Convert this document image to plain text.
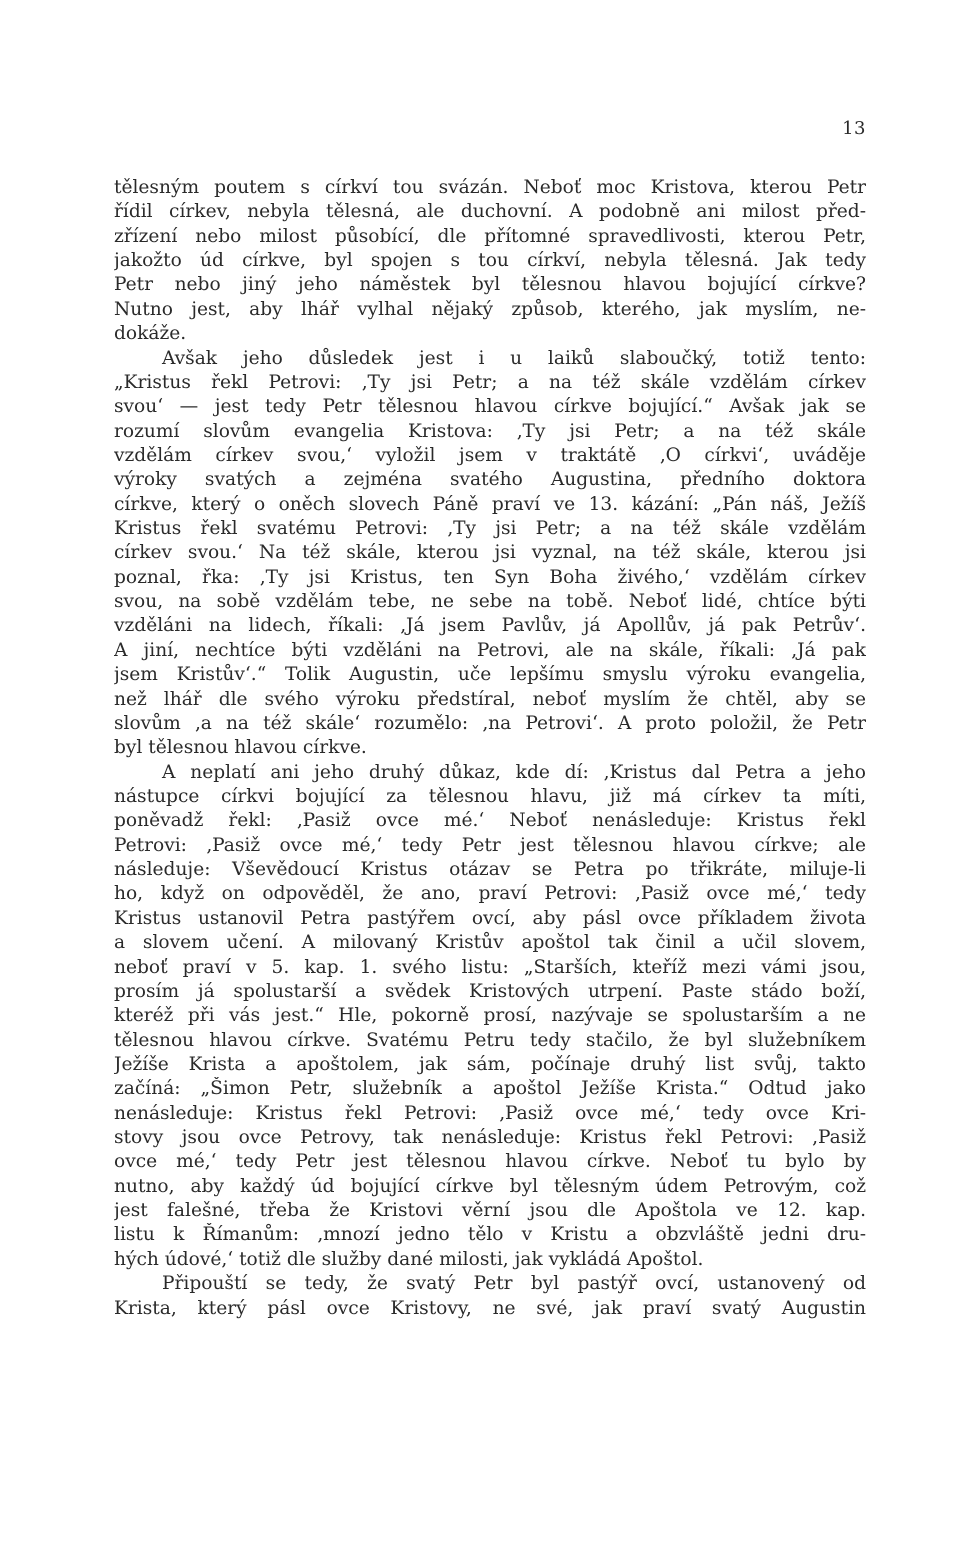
13
tělesným poutem s církví tou svázán. Neboť moc Kristova, kterou Petr
řídil církev, nebyla tělesná, ale duchovní. A podobně ani milost před-
zřízení nebo milost působící, dle přítomné spravedlivosti, kterou Petr,
jakožto úd církve, byl spojen s tou církví, nebyla tělesná. Jak tedy
Petr nebo jiný jeho náměstek byl tělesnou hlavou bojující církve?
Nutno jest, aby lhář vylhal nějaký způsob, kterého, jak myslím, ne-
dokáže.
Avšak jeho důsledek jest i u laiků slaboučký, totiž tento:
„Kristus řekl Petrovi: ‚Ty jsi Petr; a na též skále vzdělám církev
svou‘ — jest tedy Petr tělesnou hlavou církve bojující.“ Avšak jak se
rozumí slovům evangelia Kristova: ‚Ty jsi Petr; a na též skále
vzdělám církev svou,‘ vyložil jsem v traktátě ‚O církvi‘, uváděje
výroky svatých a zejména svatého Augustina, předního doktora
církve, který o oněch slovech Páně praví ve 13. kázání: „Pán náš, Ježíš
Kristus řekl svatému Petrovi: ‚Ty jsi Petr; a na též skále vzdělám
církev svou.‘ Na též skále, kterou jsi vyznal, na též skále, kterou jsi
poznal, řka: ‚Ty jsi Kristus, ten Syn Boha živého,‘ vzdělám církev
svou, na sobě vzdělám tebe, ne sebe na tobě. Neboť lidé, chtíce býti
vzděláni na lidech, říkali: ‚Já jsem Pavlův, já Apollův, já pak Petrův‘.
A jiní, nechtíce býti vzděláni na Petrovi, ale na skále, říkali: ‚Já pak
jsem Kristův‘.“ Tolik Augustin, uče lepšímu smyslu výroku evangelia,
než lhář dle svého výroku předstíral, neboť myslím že chtěl, aby se
slovům ‚a na též skále‘ rozumělo: ‚na Petrovi‘. A proto položil, že Petr
byl tělesnou hlavou církve.
A neplatí ani jeho druhý důkaz, kde dí: ‚Kristus dal Petra a jeho
nástupce církvi bojující za tělesnou hlavu, již má církev ta míti,
poněvadž řekl: ‚Pasiž ovce mé.‘ Neboť nenásleduje: Kristus řekl
Petrovi: ‚Pasiž ovce mé,‘ tedy Petr jest tělesnou hlavou církve; ale
následuje: Vševědoucí Kristus otázav se Petra po třikráte, miluje-li
ho, když on odpověděl, že ano, praví Petrovi: ‚Pasiž ovce mé,‘ tedy
Kristus ustanovil Petra pastýřem ovcí, aby pásl ovce příkladem života
a slovem učení. A milovaný Kristův apoštol tak činil a učil slovem,
neboť praví v 5. kap. 1. svého listu: „Starších, kteříž mezi vámi jsou,
prosím já spolustarší a svědek Kristových utrpení. Paste stádo boží,
kteréž při vás jest.“ Hle, pokorně prosí, nazývaje se spolustarším a ne
tělesnou hlavou církve. Svatému Petru tedy stačilo, že byl služebníkem
Ježíše Krista a apoštolem, jak sám, počínaje druhý list svůj, takto
začíná: „Šimon Petr, služebník a apoštol Ježíše Krista.“ Odtud jako
nenásleduje: Kristus řekl Petrovi: ‚Pasiž ovce mé,‘ tedy ovce Kri-
stovy jsou ovce Petrovy, tak nenásleduje: Kristus řekl Petrovi: ‚Pasiž
ovce mé,‘ tedy Petr jest tělesnou hlavou církve. Neboť tu bylo by
nutno, aby každý úd bojující církve byl tělesným údem Petrovým, což
jest falešné, třeba že Kristovi věrní jsou dle Apoštola ve 12. kap.
listu k Římanům: ‚mnozí jedno tělo v Kristu a obzvláště jedni dru-
hých údové,‘ totiž dle služby dané milosti, jak vykládá Apoštol.
Připouští se tedy, že svatý Petr byl pastýř ovcí, ustanovený od
Krista, který pásl ovce Kristovy, ne své, jak praví svatý Augustin
